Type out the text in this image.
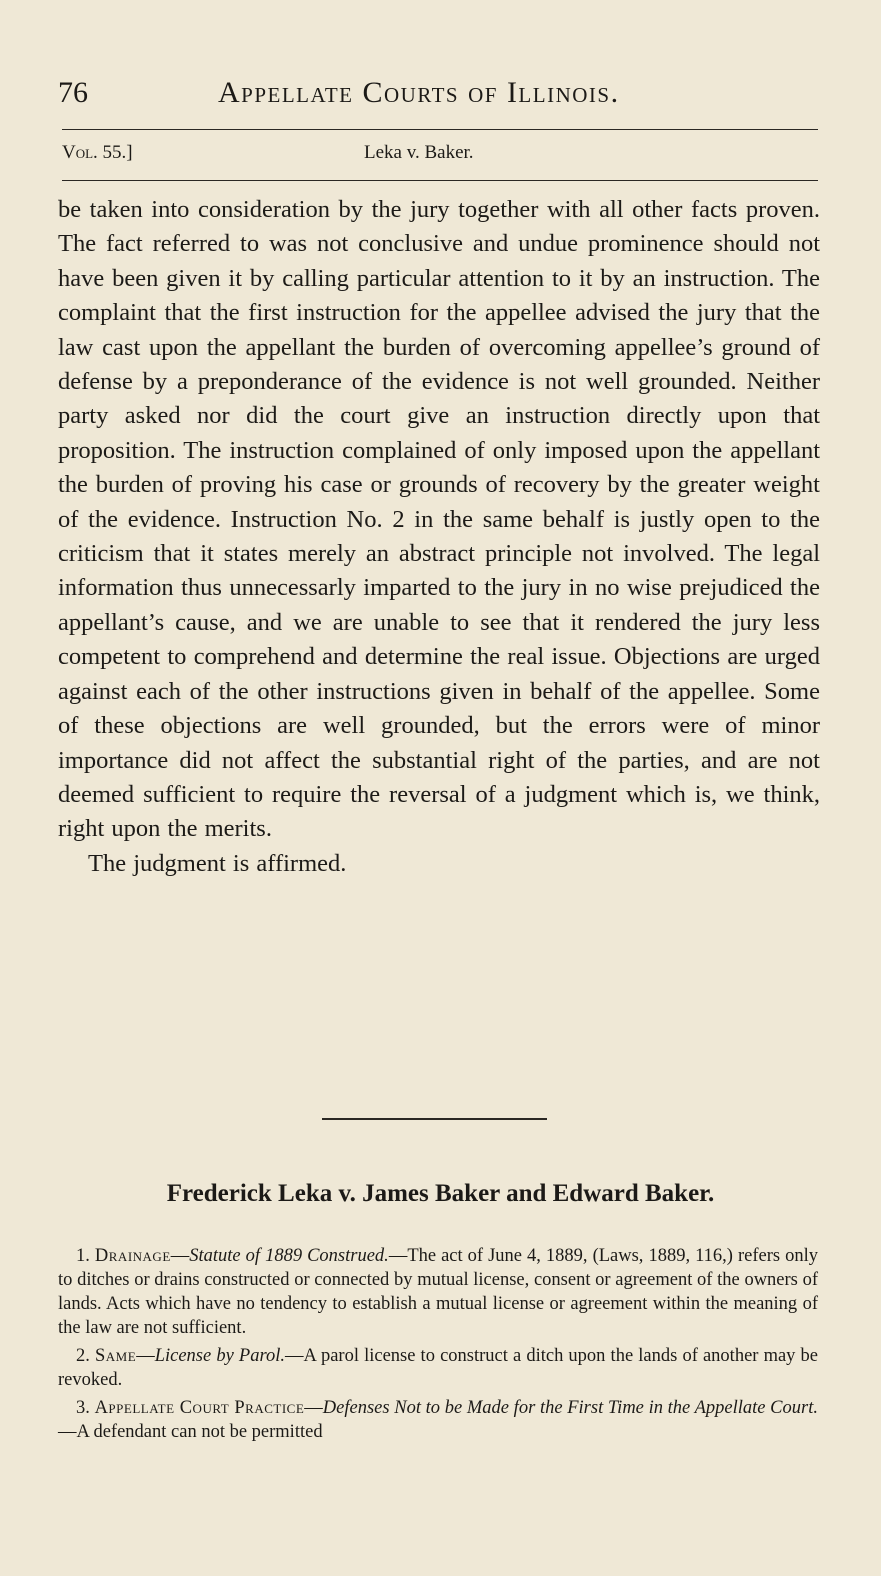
76	Appellate Courts of Illinois.
Vol. 55.]	Leka v. Baker.

be taken into consideration by the jury together with all other facts proven. The fact referred to was not conclusive and undue prominence should not have been given it by calling particular attention to it by an instruction. The complaint that the first instruction for the appellee advised the jury that the law cast upon the appellant the burden of overcoming appellee’s ground of defense by a preponderance of the evidence is not well grounded. Neither party asked nor did the court give an instruction directly upon that proposition. The instruction complained of only imposed upon the appellant the burden of proving his case or grounds of recovery by the greater weight of the evidence. Instruction No. 2 in the same behalf is justly open to the criticism that it states merely an abstract principle not involved. The legal information thus unnecessarly imparted to the jury in no wise prejudiced the appellant’s cause, and we are unable to see that it rendered the jury less competent to comprehend and determine the real issue. Objections are urged against each of the other instructions given in behalf of the appellee. Some of these objections are well grounded, but the errors were of minor importance did not affect the substantial right of the parties, and are not deemed sufficient to require the reversal of a judgment which is, we think, right upon the merits.

The judgment is affirmed.

Frederick Leka v. James Baker and Edward Baker.

1. Drainage—Statute of 1889 Construed.—The act of June 4, 1889, (Laws, 1889, 116,) refers only to ditches or drains constructed or connected by mutual license, consent or agreement of the owners of lands. Acts which have no tendency to establish a mutual license or agreement within the meaning of the law are not sufficient.

2. Same—License by Parol.—A parol license to construct a ditch upon the lands of another may be revoked.

3. Appellate Court Practice—Defenses Not to be Made for the First Time in the Appellate Court.—A defendant can not be permitted
